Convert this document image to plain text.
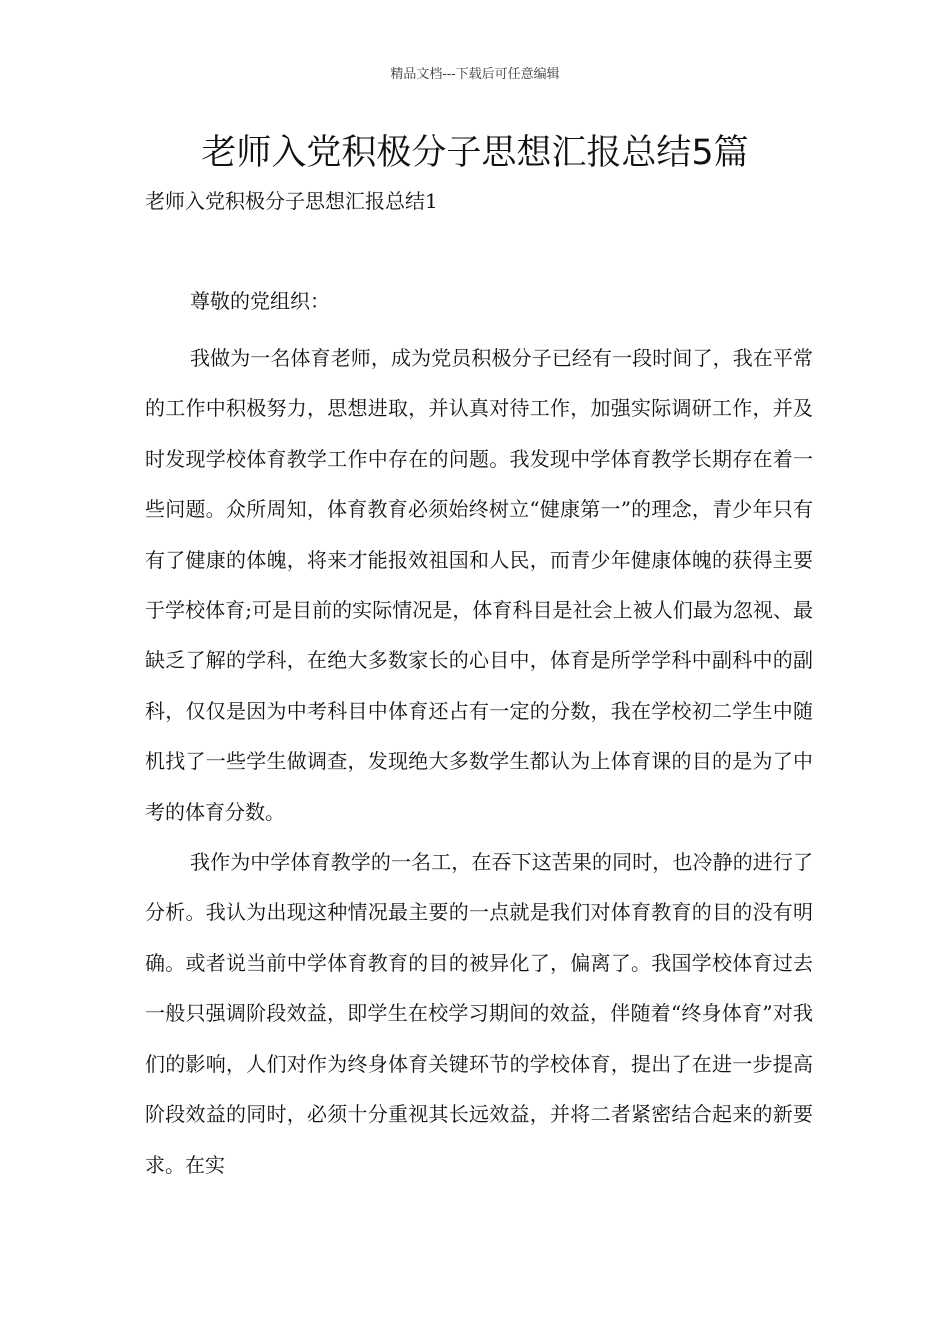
精品文档---下载后可任意编辑
老师入党积极分子思想汇报总结5篇
老师入党积极分子思想汇报总结1

尊敬的党组织：

我做为一名体育老师，成为党员积极分子已经有一段时间了，我在平常的工作中积极努力，思想进取，并认真对待工作，加强实际调研工作，并及时发现学校体育教学工作中存在的问题。我发现中学体育教学长期存在着一些问题。众所周知，体育教育必须始终树立“健康第一”的理念，青少年只有有了健康的体魄，将来才能报效祖国和人民，而青少年健康体魄的获得主要于学校体育;可是目前的实际情况是，体育科目是社会上被人们最为忽视、最缺乏了解的学科，在绝大多数家长的心目中，体育是所学学科中副科中的副科，仅仅是因为中考科目中体育还占有一定的分数，我在学校初二学生中随机找了一些学生做调查，发现绝大多数学生都认为上体育课的目的是为了中考的体育分数。

我作为中学体育教学的一名工，在吞下这苦果的同时，也冷静的进行了分析。我认为出现这种情况最主要的一点就是我们对体育教育的目的没有明确。或者说当前中学体育教育的目的被异化了，偏离了。我国学校体育过去一般只强调阶段效益，即学生在校学习期间的效益，伴随着“终身体育”对我们的影响，人们对作为终身体育关键环节的学校体育，提出了在进一步提高阶段效益的同时，必须十分重视其长远效益，并将二者紧密结合起来的新要求。在实
